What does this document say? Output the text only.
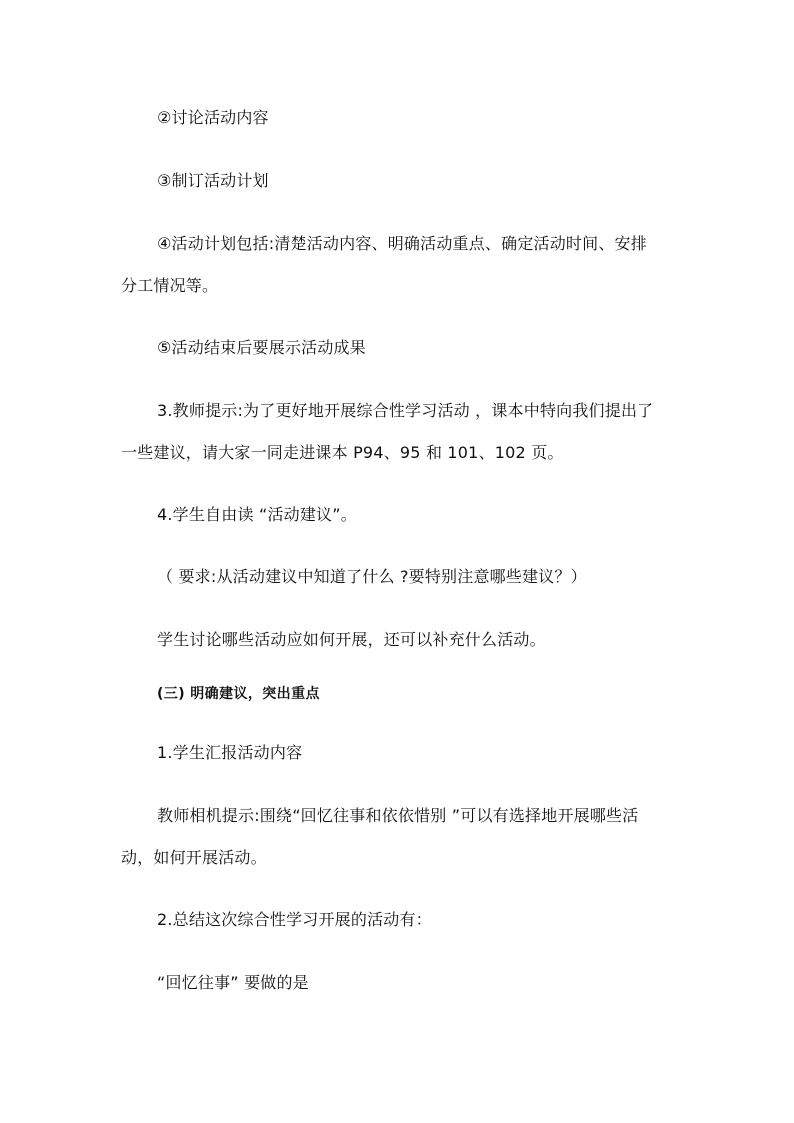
②讨论活动内容
③制订活动计划
④活动计划包括:清楚活动内容、明确活动重点、确定活动时间、安排
分工情况等。
⑤活动结束后要展示活动成果
3.教师提示:为了更好地开展综合性学习活动 ，课本中特向我们提出了
一些建议，请大家一同走进课本 P94、95 和 101、102 页。
4.学生自由读 “活动建议”。
（ 要求:从活动建议中知道了什么 ?要特别注意哪些建议？）
学生讨论哪些活动应如何开展，还可以补充什么活动。
(三) 明确建议，突出重点
1.学生汇报活动内容
教师相机提示:围绕“回忆往事和依依惜别 ”可以有选择地开展哪些活
动，如何开展活动。
2.总结这次综合性学习开展的活动有：
“回忆往事” 要做的是
